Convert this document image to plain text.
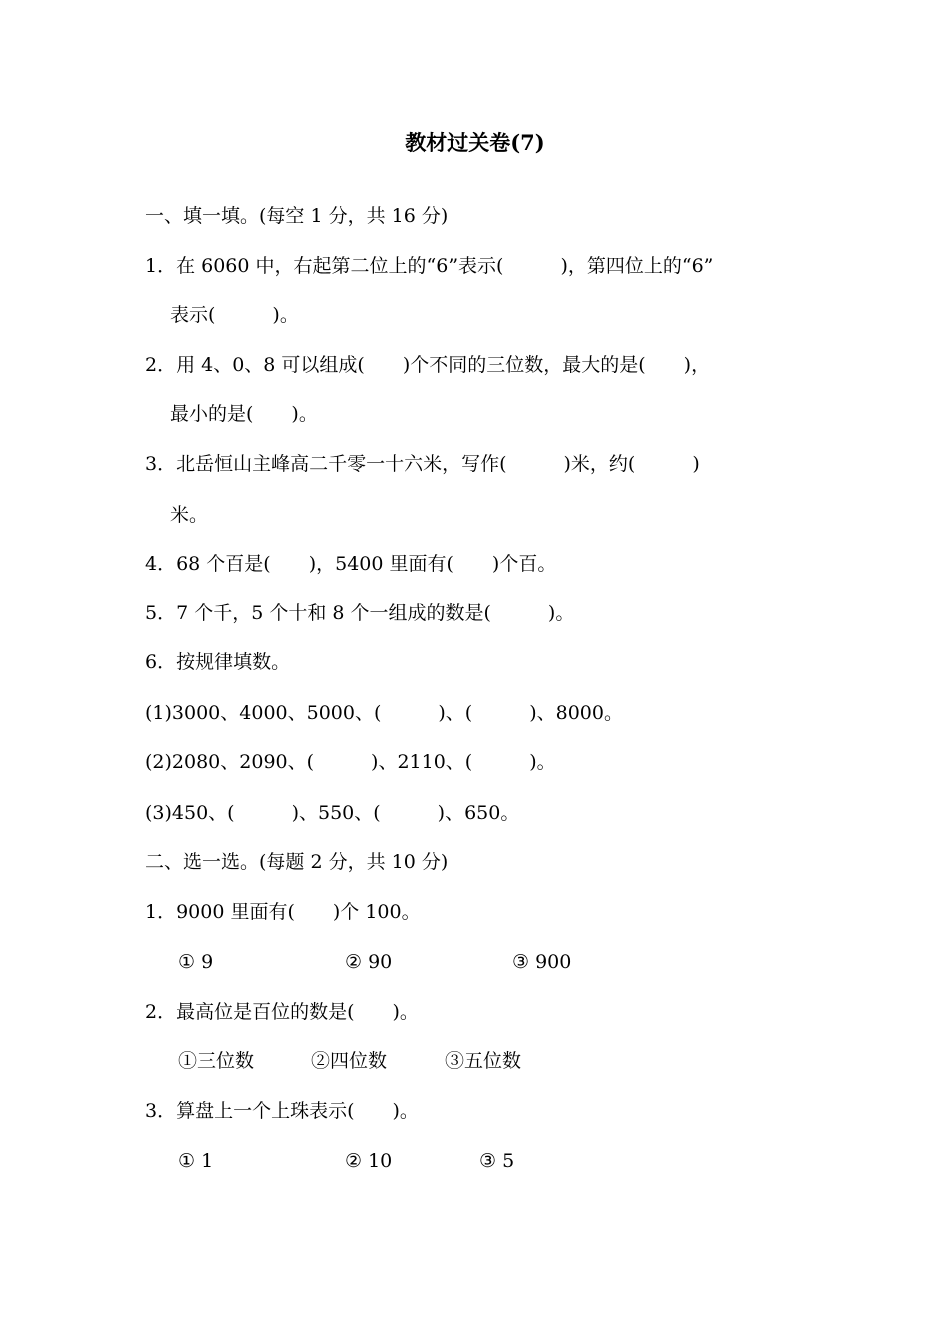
教材过关卷(7)
一、填一填。(每空 1 分，共 16 分)
1．在 6060 中，右起第二位上的“6”表示(　　　)，第四位上的“6”
表示(　　　)。
2．用 4、0、8 可以组成(　　)个不同的三位数，最大的是(　　)，
最小的是(　　)。
3．北岳恒山主峰高二千零一十六米，写作(　　　)米，约(　　　)
米。
4．68 个百是(　　)，5400 里面有(　　)个百。
5．7 个千，5 个十和 8 个一组成的数是(　　　)。
6．按规律填数。
(1)3000、4000、5000、(　　　)、(　　　)、8000。
(2)2080、2090、(　　　)、2110、(　　　)。
(3)450、(　　　)、550、(　　　)、650。
二、选一选。(每题 2 分，共 10 分)
1．9000 里面有(　　)个 100。
① 9	② 90	③ 900
2．最高位是百位的数是(　　)。
①三位数	②四位数	③五位数
3．算盘上一个上珠表示(　　)。
① 1	② 10	③ 5
